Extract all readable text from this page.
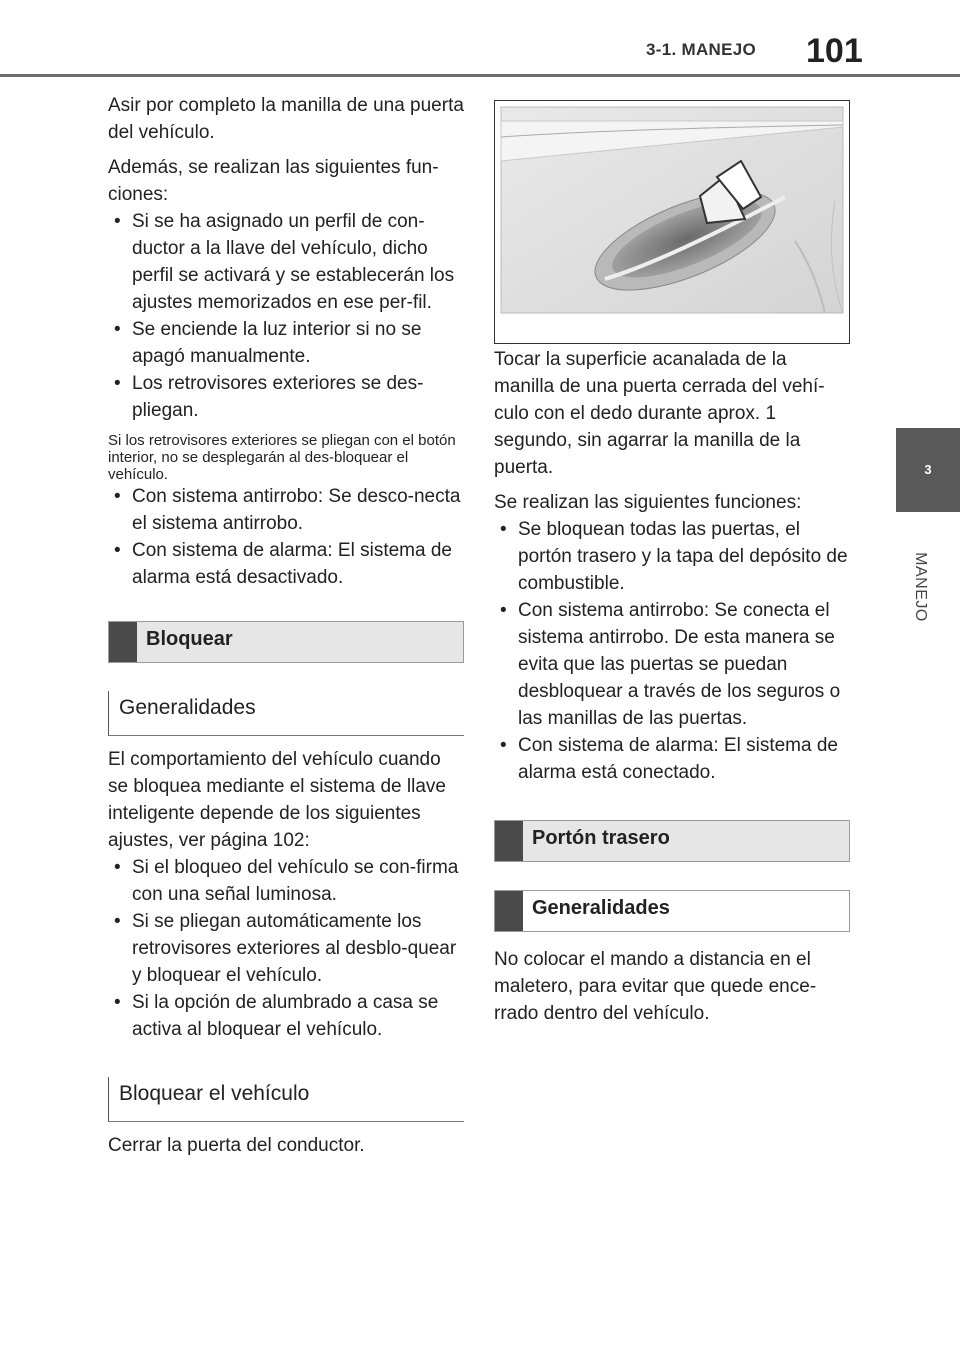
3-1. MANEJO 101
3
MANEJO

Asir por completo la manilla de una puerta del vehículo.

Además, se realizan las siguientes fun-ciones:

• Si se ha asignado un perfil de con-ductor a la llave del vehículo, dicho perfil se activará y se establecerán los ajustes memorizados en ese per-fil.
• Se enciende la luz interior si no se apagó manualmente.
• Los retrovisores exteriores se des-pliegan.

Si los retrovisores exteriores se pliegan con el botón interior, no se desplegarán al des-bloquear el vehículo.

• Con sistema antirrobo: Se desco-necta el sistema antirrobo.
• Con sistema de alarma: El sistema de alarma está desactivado.
Bloquear
Generalidades

El comportamiento del vehículo cuando se bloquea mediante el sistema de llave inteligente depende de los siguientes ajustes, ver página 102:

• Si el bloqueo del vehículo se con-firma con una señal luminosa.
• Si se pliegan automáticamente los retrovisores exteriores al desblo-quear y bloquear el vehículo.
• Si la opción de alumbrado a casa se activa al bloquear el vehículo.
Bloquear el vehículo

Cerrar la puerta del conductor.

Tocar la superficie acanalada de la manilla de una puerta cerrada del vehí-culo con el dedo durante aprox. 1 segundo, sin agarrar la manilla de la puerta.

Se realizan las siguientes funciones:

• Se bloquean todas las puertas, el portón trasero y la tapa del depósito de combustible.
• Con sistema antirrobo: Se conecta el sistema antirrobo. De esta manera se evita que las puertas se puedan desbloquear a través de los seguros o las manillas de las puertas.
• Con sistema de alarma: El sistema de alarma está conectado.
Portón trasero
Generalidades

No colocar el mando a distancia en el maletero, para evitar que quede ence-rrado dentro del vehículo.
